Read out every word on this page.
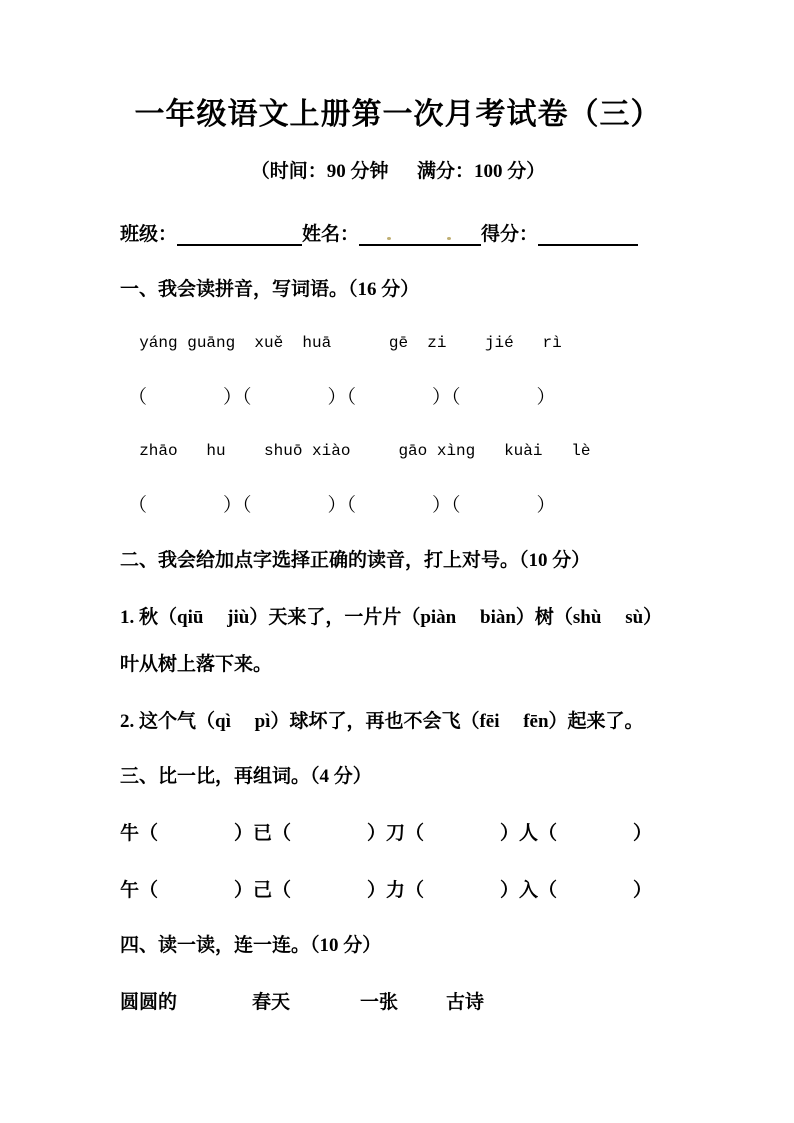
一年级语文上册第一次月考试卷（三）
（时间：90 分钟　  满分：100 分）
班级：	姓名：	得分：
一、我会读拼音，写词语。（16 分）
yáng guāng  xuě  huā      gē  zi    jié   rì
（　　　　）（　　　　）（　　　　）（　　　　）
zhāo   hu    shuō xiào     gāo xìng   kuài   lè
（　　　　）（　　　　）（　　　　）（　　　　）
二、我会给加点字选择正确的读音，打上对号。（10 分）
1. 秋（qiū　 jiù）天来了，一片片（piàn　 biàn）树（shù　 sù）
叶从树上落下来。
2. 这个气（qì　 pì）球坏了，再也不会飞（fēi　 fēn）起来了。
三、比一比，再组词。（4 分）
牛（　　　　）已（　　　　）刀（　　　　）人（　　　　）
午（　　　　）己（　　　　）力（　　　　）入（　　　　）
四、读一读，连一连。（10 分）
圆圆的	春天	一张	古诗
